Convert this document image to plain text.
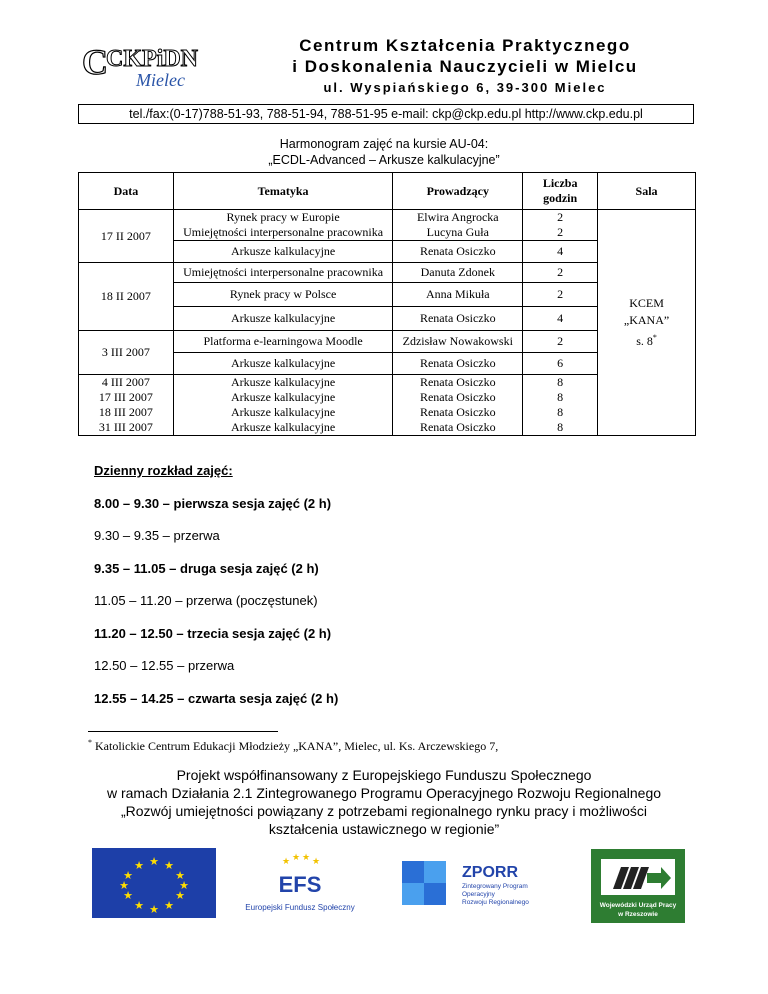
C
CKPiDN
Mielec
Centrum Kształcenia Praktycznego
i Doskonalenia Nauczycieli w Mielcu
ul. Wyspiańskiego 6, 39-300 Mielec
tel./fax:(0-17)788-51-93, 788-51-94, 788-51-95 e-mail: ckp@ckp.edu.pl http://www.ckp.edu.pl
Harmonogram zajęć na kursie AU-04:
„ECDL-Advanced – Arkusze kalkulacyjne”
Data	Tematyka	Prowadzący	Liczba godzin	Sala
17 II 2007	Rynek pracy w Europie	Elwira Angrocka	2	KCEM
„KANA”
s. 8*
	Umiejętności interpersonalne pracownika	Lucyna Guła	2	
	Arkusze kalkulacyjne	Renata Osiczko	4	
18 II 2007	Umiejętności interpersonalne pracownika	Danuta Zdonek	2	
	Rynek pracy w Polsce	Anna Mikuła	2	
	Arkusze kalkulacyjne	Renata Osiczko	4	
3 III 2007	Platforma e-learningowa Moodle	Zdzisław Nowakowski	2	
	Arkusze kalkulacyjne	Renata Osiczko	6	
4 III 2007	Arkusze kalkulacyjne	Renata Osiczko	8	
17 III 2007	Arkusze kalkulacyjne	Renata Osiczko	8	
18 III 2007	Arkusze kalkulacyjne	Renata Osiczko	8	
31 III 2007	Arkusze kalkulacyjne	Renata Osiczko	8	
Dzienny rozkład zajęć:
8.00 – 9.30 – pierwsza sesja zajęć (2 h)
9.30 – 9.35 – przerwa
9.35 – 11.05 – druga sesja zajęć (2 h)
11.05 – 11.20 – przerwa (poczęstunek)
11.20 – 12.50 – trzecia sesja zajęć (2 h)
12.50 – 12.55 – przerwa
12.55 – 14.25 – czwarta sesja zajęć (2 h)
* Katolickie Centrum Edukacji Młodzieży „KANA”, Mielec, ul. Ks. Arczewskiego 7,
Projekt współfinansowany z Europejskiego Funduszu Społecznego
w ramach Działania 2.1 Zintegrowanego Programu Operacyjnego Rozwoju Regionalnego
„Rozwój umiejętności powiązany z potrzebami regionalnego rynku pracy i możliwości
kształcenia ustawicznego w regionie”
★ ★
★
★
★
★
★
★
★
★
★
★	★ ★ ★ ★
EFS
Europejski Fundusz Społeczny
ZPORR
Zintegrowany Program
Operacyjny
Rozwoju Regionalnego	Wojewódzki Urząd Pracy
w Rzeszowie
